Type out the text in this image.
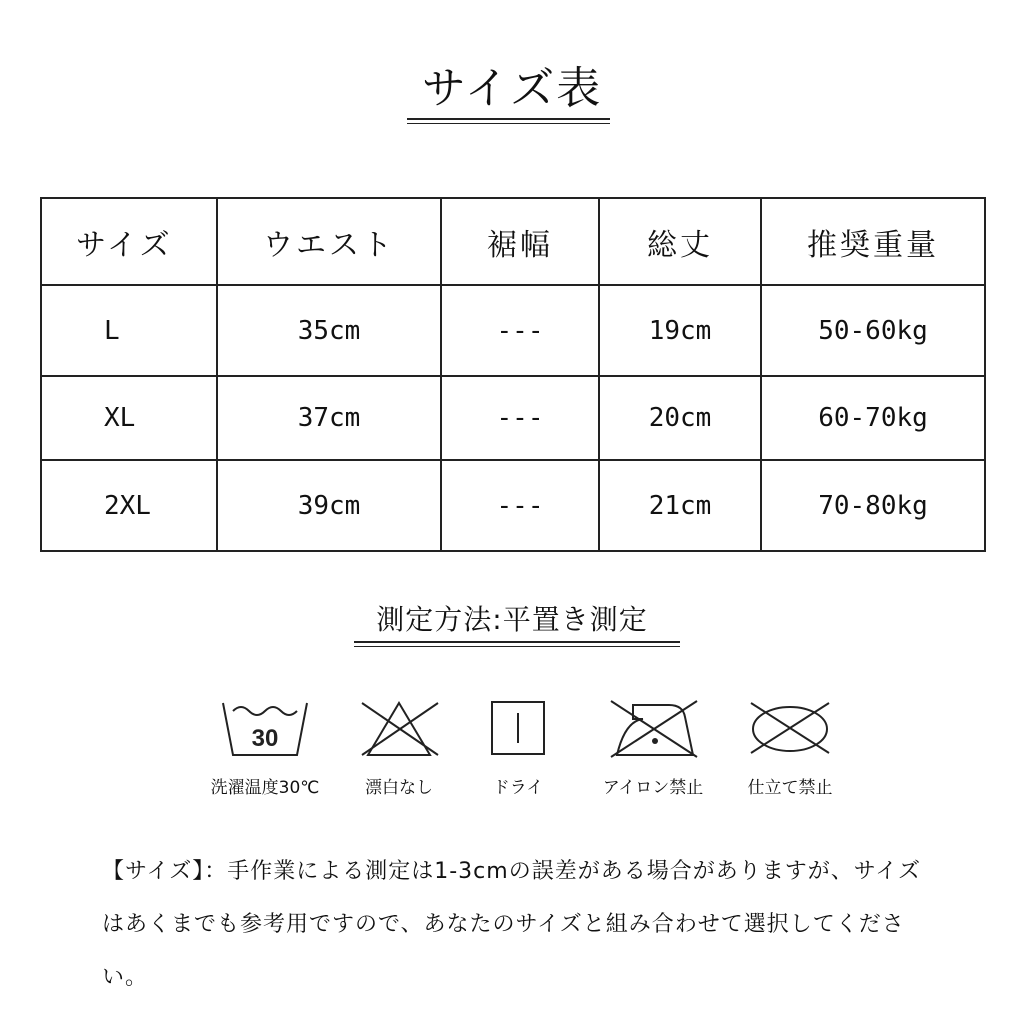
サイズ表
サイズ	ウエスト	裾幅	総丈	推奨重量
L	35cm	---	19cm	50-60kg
XL	37cm	---	20cm	60-70kg
2XL	39cm	---	21cm	70-80kg
測定方法:平置き測定
30
洗濯温度30℃	漂白なし	ドライ	アイロン禁止	仕立て禁止
【サイズ】：手作業による測定は1-3cmの誤差がある場合がありますが、サイズはあくまでも参考用ですので、あなたのサイズと組み合わせて選択してください。
